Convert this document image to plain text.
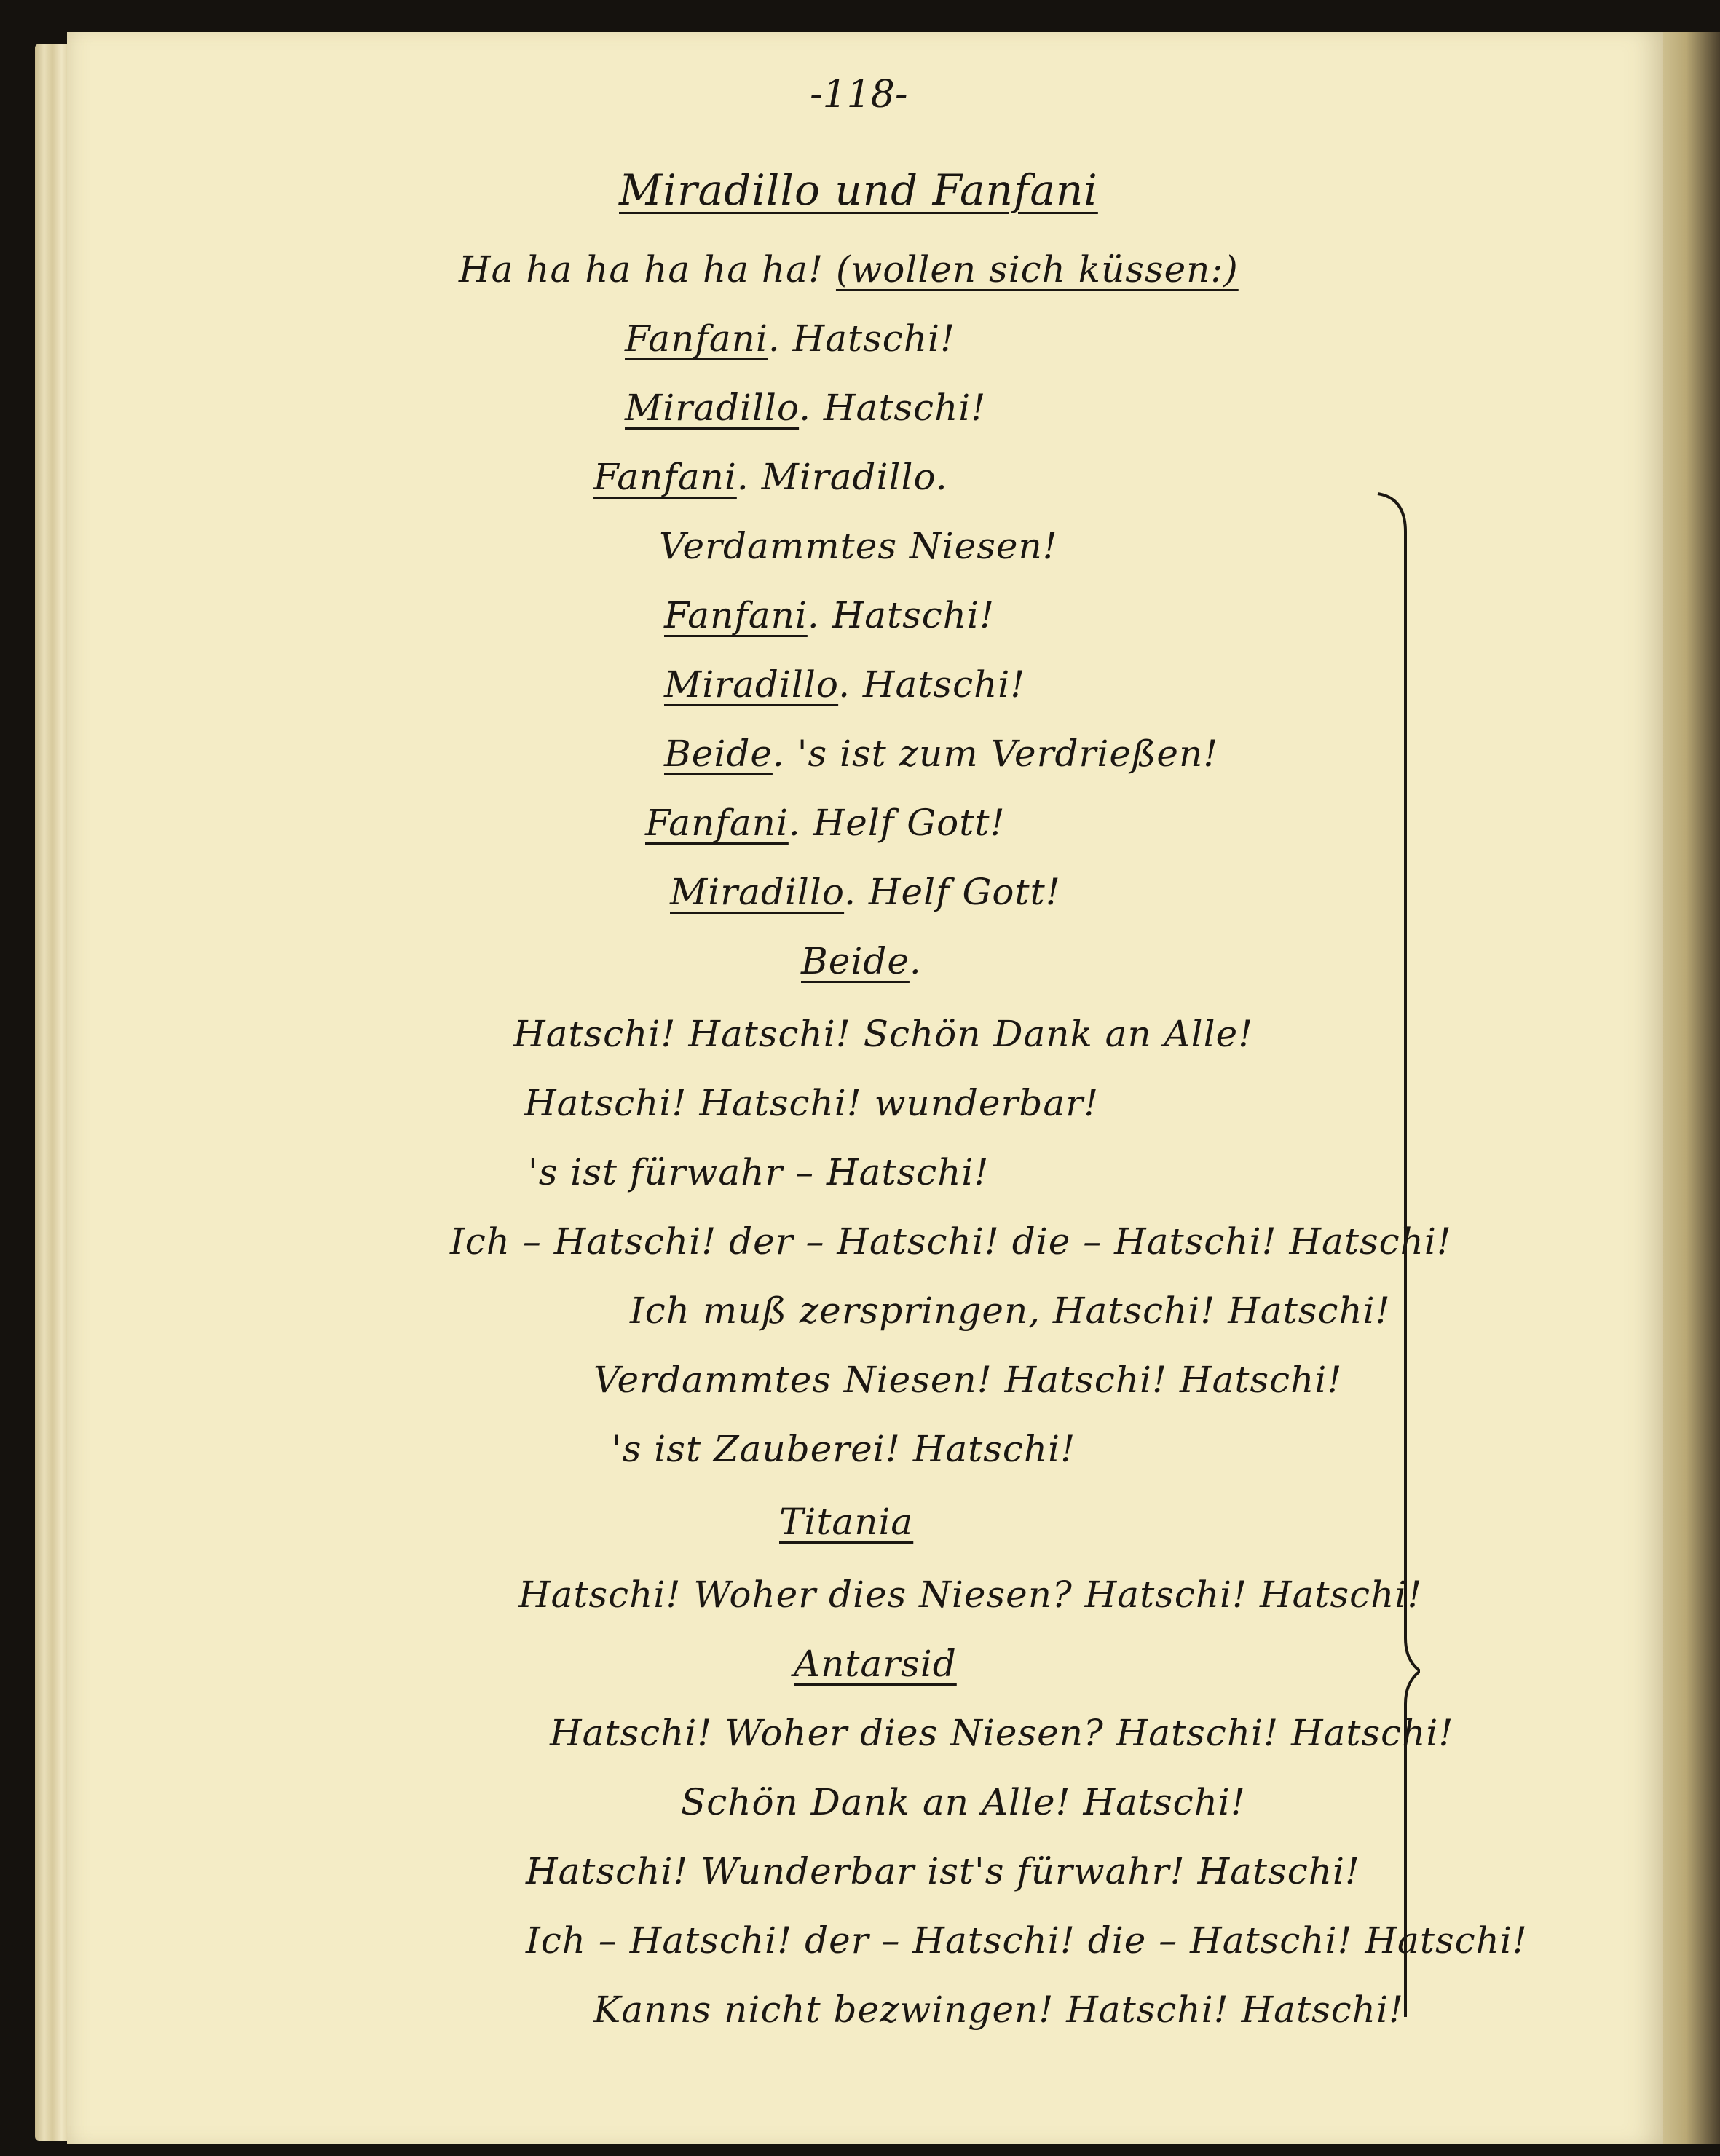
-118-
Miradillo und Fanfani
Ha ha ha ha ha ha! (wollen sich küssen:)
Fanfani. Hatschi!
Miradillo. Hatschi!
Fanfani. Miradillo.
Verdammtes Niesen!
Fanfani. Hatschi!
Miradillo. Hatschi!
Beide. 's ist zum Verdrießen!
Fanfani. Helf Gott!
Miradillo. Helf Gott!
Beide.
Hatschi! Hatschi! Schön Dank an Alle!
Hatschi! Hatschi! wunderbar!
's ist fürwahr – Hatschi!
Ich – Hatschi! der – Hatschi! die – Hatschi! Hatschi!
Ich muß zerspringen, Hatschi! Hatschi!
Verdammtes Niesen! Hatschi! Hatschi!
's ist Zauberei! Hatschi!
Titania
Hatschi! Woher dies Niesen? Hatschi! Hatschi!
Antarsid
Hatschi! Woher dies Niesen? Hatschi! Hatschi!
Schön Dank an Alle! Hatschi!
Hatschi! Wunderbar ist's fürwahr! Hatschi!
Ich – Hatschi! der – Hatschi! die – Hatschi! Hatschi!
Kanns nicht bezwingen! Hatschi! Hatschi!
